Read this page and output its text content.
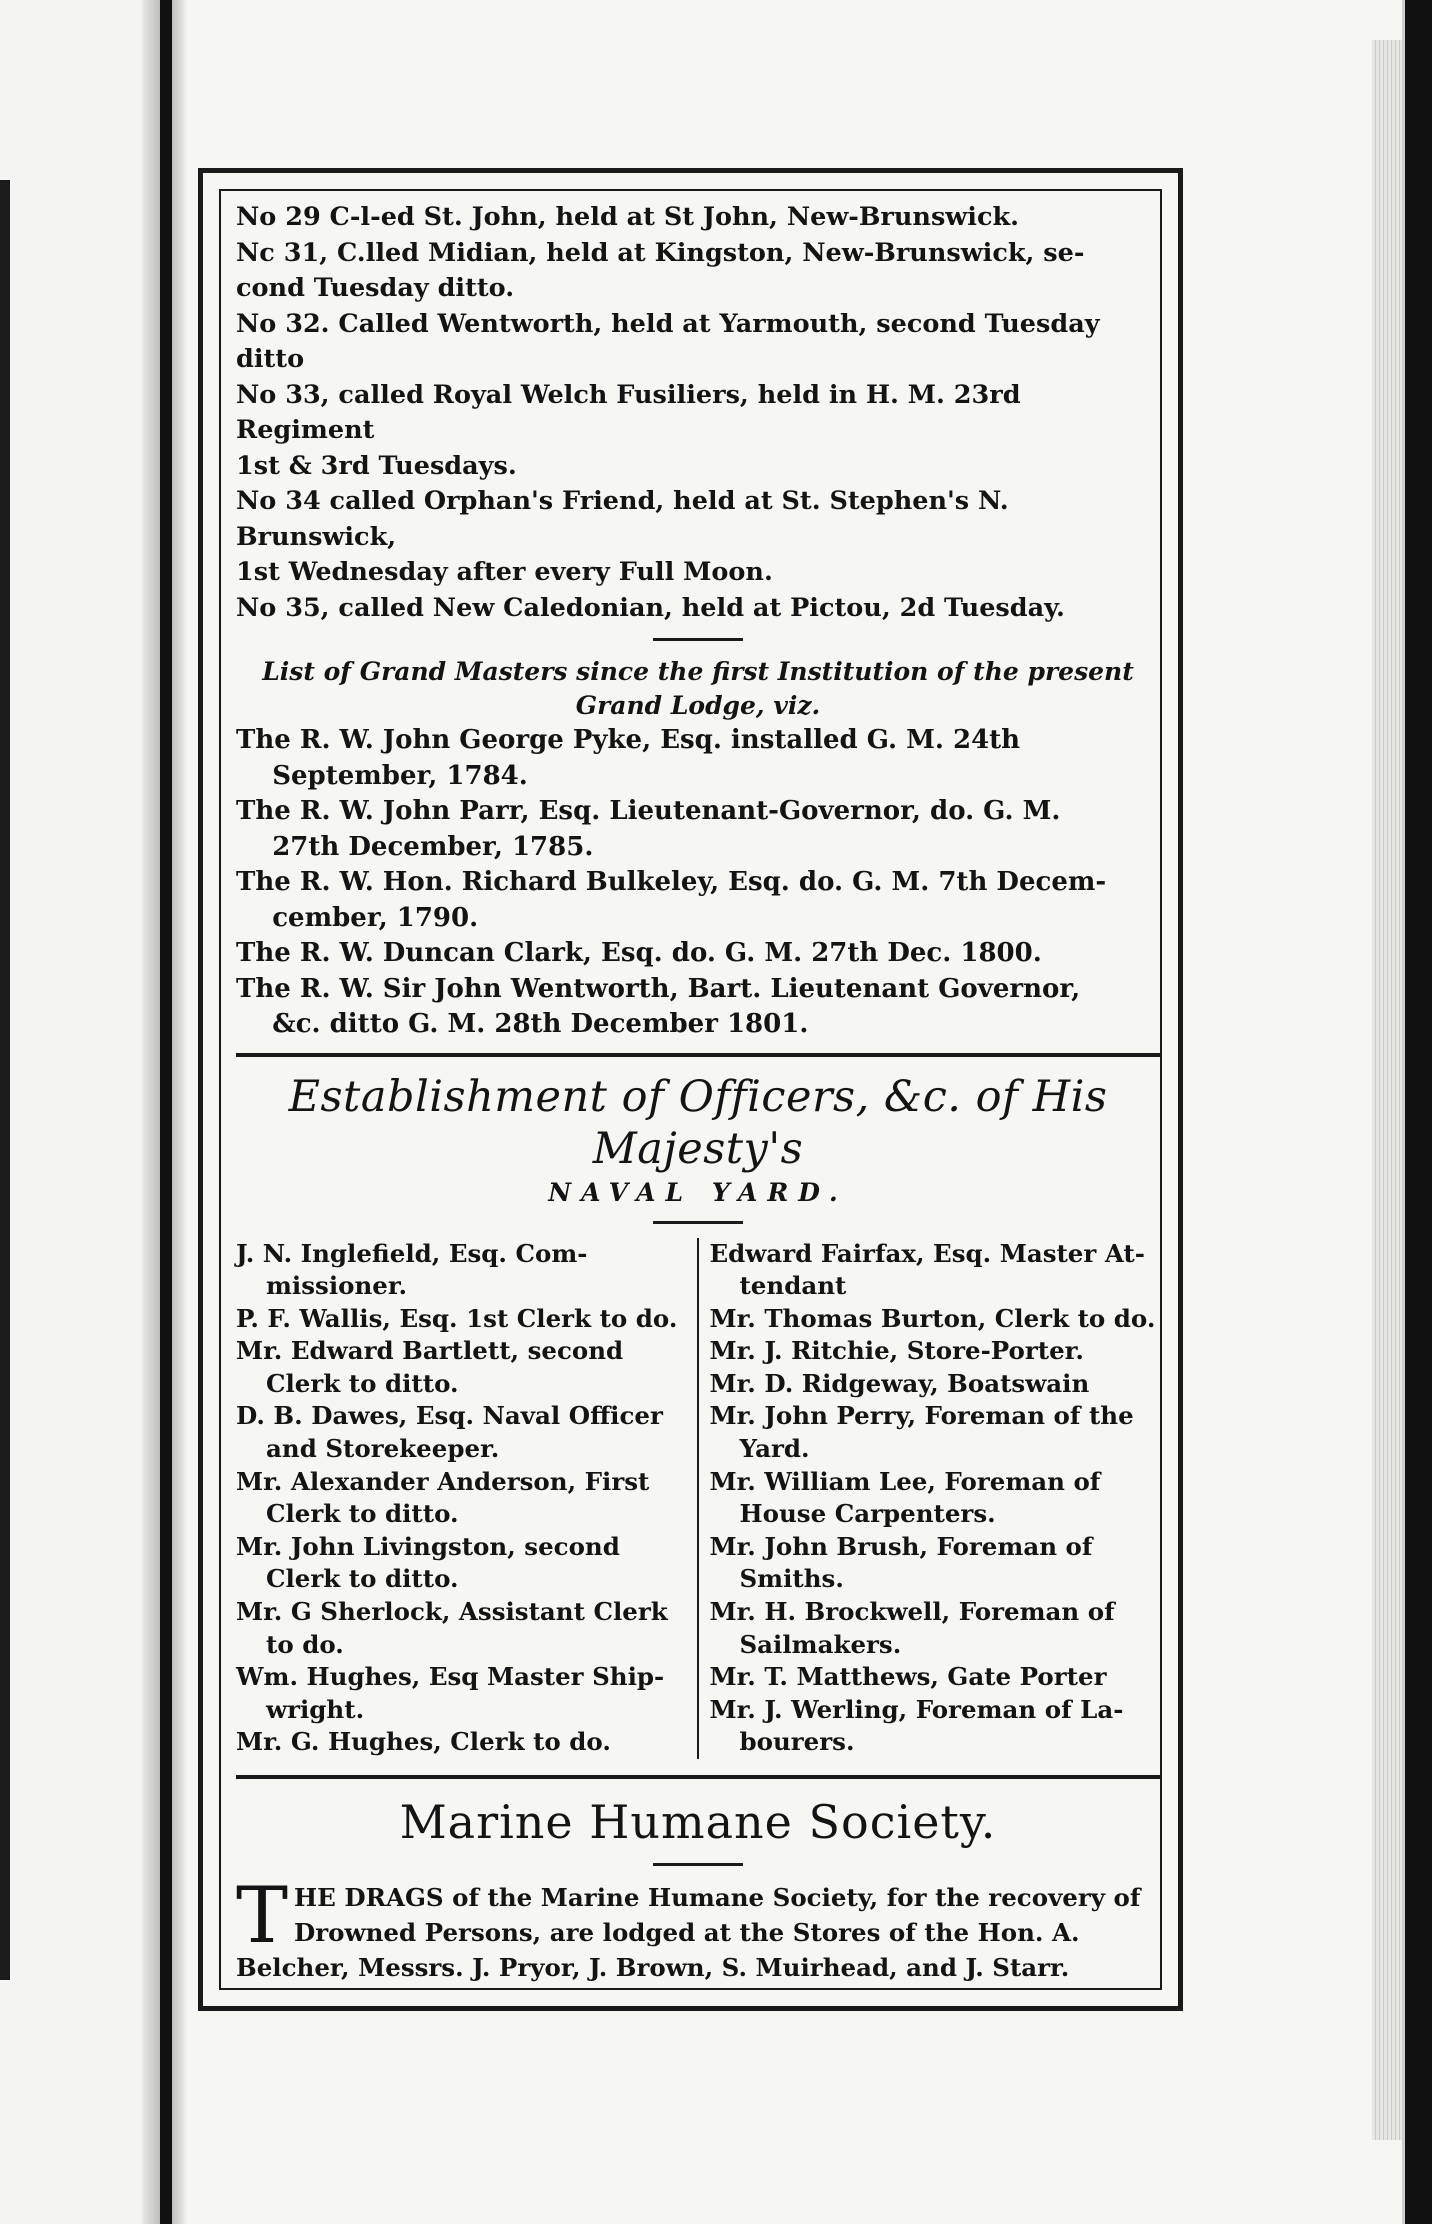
No 29 C‑l‑ed St. John, held at St John, New-Brunswick.

Nc 31, C.lled Midian, held at Kingston, New-Brunswick, se-
cond Tuesday ditto.

No 32. Called Wentworth, held at Yarmouth, second Tuesday
ditto

No 33, called Royal Welch Fusiliers, held in H. M. 23rd Regiment
1st & 3rd Tuesdays.

No 34 called Orphan's Friend, held at St. Stephen's N. Brunswick,
1st Wednesday after every Full Moon.

No 35, called New Caledonian, held at Pictou, 2d Tuesday.

List of Grand Masters since the first Institution of the present
Grand Lodge, viz.

The R. W. John George Pyke, Esq. installed G. M. 24th
September, 1784.

The R. W. John Parr, Esq. Lieutenant-Governor, do. G. M.
27th December, 1785.

The R. W. Hon. Richard Bulkeley, Esq. do. G. M. 7th Decem-
cember, 1790.

The R. W. Duncan Clark, Esq. do. G. M. 27th Dec. 1800.

The R. W. Sir John Wentworth, Bart. Lieutenant Governor,
&c. ditto G. M. 28th December 1801.

Establishment of Officers, &c. of His Majesty's

NAVAL YARD.

J. N. Inglefield, Esq. Com-
missioner.

P. F. Wallis, Esq. 1st Clerk to do.

Mr. Edward Bartlett, second
Clerk to ditto.

D. B. Dawes, Esq. Naval Officer
and Storekeeper.

Mr. Alexander Anderson, First
Clerk to ditto.

Mr. John Livingston, second
Clerk to ditto.

Mr. G Sherlock, Assistant Clerk
to do.

Wm. Hughes, Esq Master Ship-
wright.

Mr. G. Hughes, Clerk to do.

Edward Fairfax, Esq. Master At-
tendant

Mr. Thomas Burton, Clerk to do.

Mr. J. Ritchie, Store-Porter.

Mr. D. Ridgeway, Boatswain

Mr. John Perry, Foreman of the
Yard.

Mr. William Lee, Foreman of
House Carpenters.

Mr. John Brush, Foreman of
Smiths.

Mr. H. Brockwell, Foreman of
Sailmakers.

Mr. T. Matthews, Gate Porter

Mr. J. Werling, Foreman of La-
bourers.

Marine Humane Society.

THE DRAGS of the Marine Humane Society, for the recovery of Drowned Persons, are lodged at the Stores of the Hon. A. Belcher, Messrs. J. Pryor, J. Brown, S. Muirhead, and J. Starr.
